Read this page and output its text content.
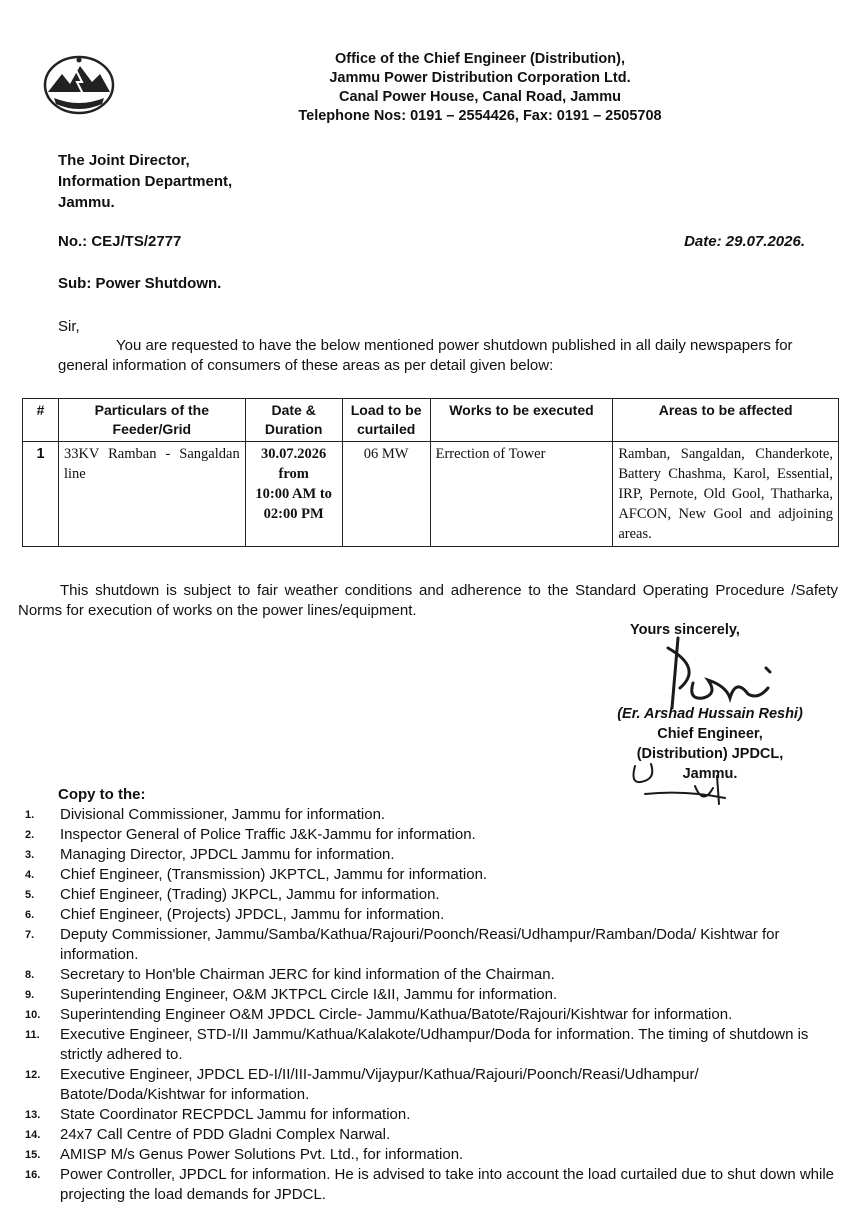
Office of the Chief Engineer (Distribution),
Jammu Power Distribution Corporation Ltd.
Canal Power House, Canal Road, Jammu
Telephone Nos: 0191 – 2554426, Fax: 0191 – 2505708
The Joint Director,
Information Department,
Jammu.
No.: CEJ/TS/2777	Date: 29.07.2026.
Sub: Power Shutdown.
Sir,
You are requested to have the below mentioned power shutdown published in all daily newspapers for general information of consumers of these areas as per detail given below:
#	Particulars of the Feeder/Grid	Date & Duration	Load to be curtailed	Works to be executed	Areas to be affected
1	33KV Ramban - Sangaldan line	30.07.2026
from
10:00 AM to
02:00 PM	06 MW	Errection of Tower	Ramban, Sangaldan, Chanderkote, Battery Chashma, Karol, Essential, IRP, Pernote, Old Gool, Thatharka, AFCON, New Gool and adjoining areas.
This shutdown is subject to fair weather conditions and adherence to the Standard Operating Procedure /Safety Norms for execution of works on the power lines/equipment.
Yours sincerely,
(Er. Arshad Hussain Reshi)
Chief Engineer,
(Distribution) JPDCL,
Jammu.
Copy to the:
1.	Divisional Commissioner, Jammu for information.
2.	Inspector General of Police Traffic J&K-Jammu for information.
3.	Managing Director, JPDCL Jammu for information.
4.	Chief Engineer, (Transmission) JKPTCL, Jammu for information.
5.	Chief Engineer, (Trading) JKPCL, Jammu for information.
6.	Chief Engineer, (Projects) JPDCL, Jammu for information.
7.	Deputy Commissioner, Jammu/Samba/Kathua/Rajouri/Poonch/Reasi/Udhampur/Ramban/Doda/ Kishtwar for information.
8.	Secretary to Hon'ble Chairman JERC for kind information of the Chairman.
9.	Superintending Engineer, O&M JKTPCL Circle I&II, Jammu for information.
10.	Superintending Engineer O&M JPDCL Circle- Jammu/Kathua/Batote/Rajouri/Kishtwar for information.
11.	Executive Engineer, STD-I/II Jammu/Kathua/Kalakote/Udhampur/Doda for information. The timing of shutdown is strictly adhered to.
12.	Executive Engineer, JPDCL ED-I/II/III-Jammu/Vijaypur/Kathua/Rajouri/Poonch/Reasi/Udhampur/ Batote/Doda/Kishtwar for information.
13.	State Coordinator RECPDCL Jammu for information.
14.	24x7 Call Centre of PDD Gladni Complex Narwal.
15.	AMISP M/s Genus Power Solutions Pvt. Ltd., for information.
16.	Power Controller, JPDCL for information. He is advised to take into account the load curtailed due to shut down while projecting the load demands for JPDCL.
